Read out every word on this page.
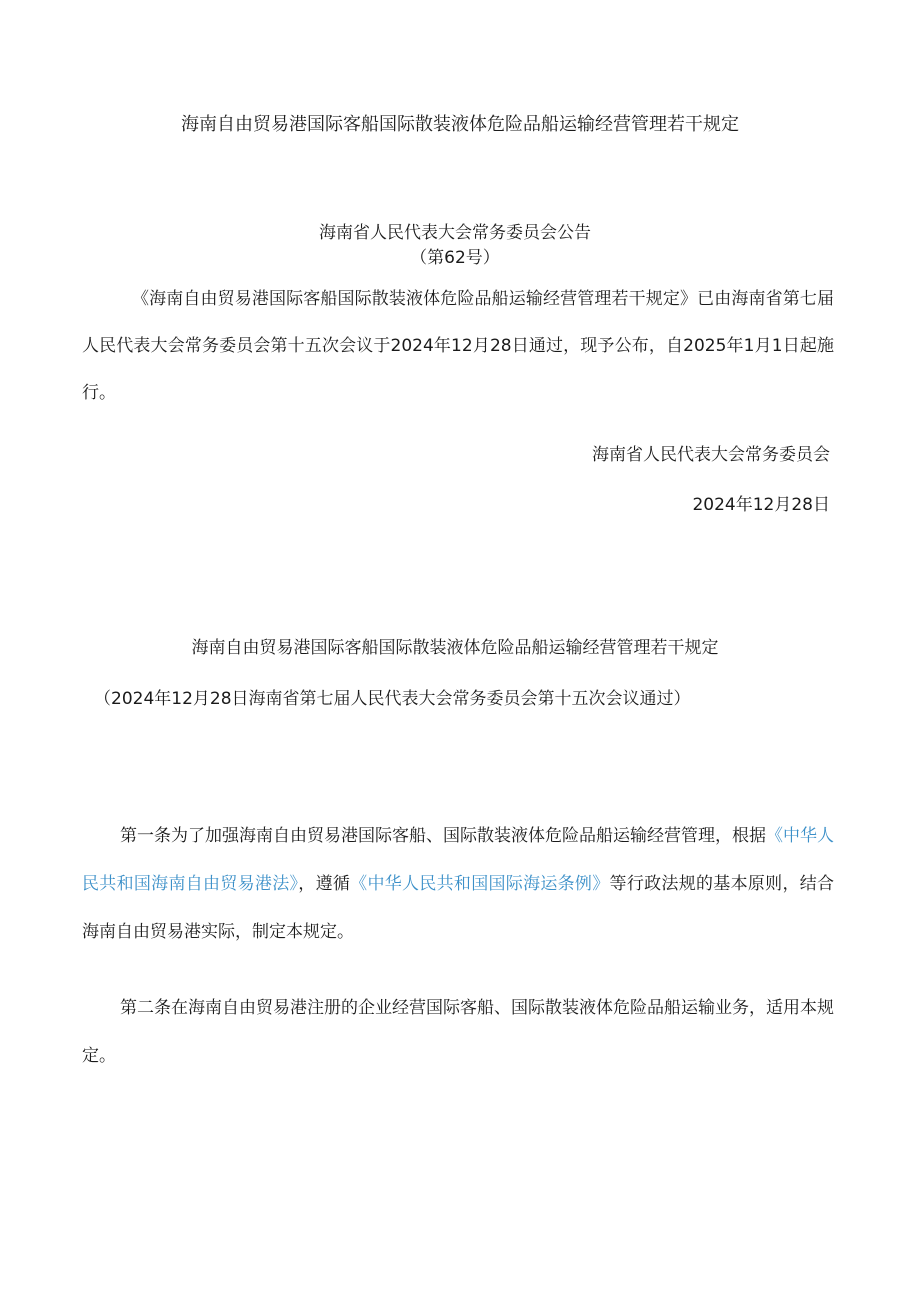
海南自由贸易港国际客船国际散装液体危险品船运输经营管理若干规定
海南省人民代表大会常务委员会公告
（第62号）
《海南自由贸易港国际客船国际散装液体危险品船运输经营管理若干规定》已由海南省第七届人民代表大会常务委员会第十五次会议于2024年12月28日通过，现予公布，自2025年1月1日起施行。
海南省人民代表大会常务委员会
2024年12月28日
海南自由贸易港国际客船国际散装液体危险品船运输经营管理若干规定
（2024年12月28日海南省第七届人民代表大会常务委员会第十五次会议通过）
第一条为了加强海南自由贸易港国际客船、国际散装液体危险品船运输经营管理，根据《中华人民共和国海南自由贸易港法》，遵循《中华人民共和国国际海运条例》等行政法规的基本原则，结合海南自由贸易港实际，制定本规定。
第二条在海南自由贸易港注册的企业经营国际客船、国际散装液体危险品船运输业务，适用本规定。
